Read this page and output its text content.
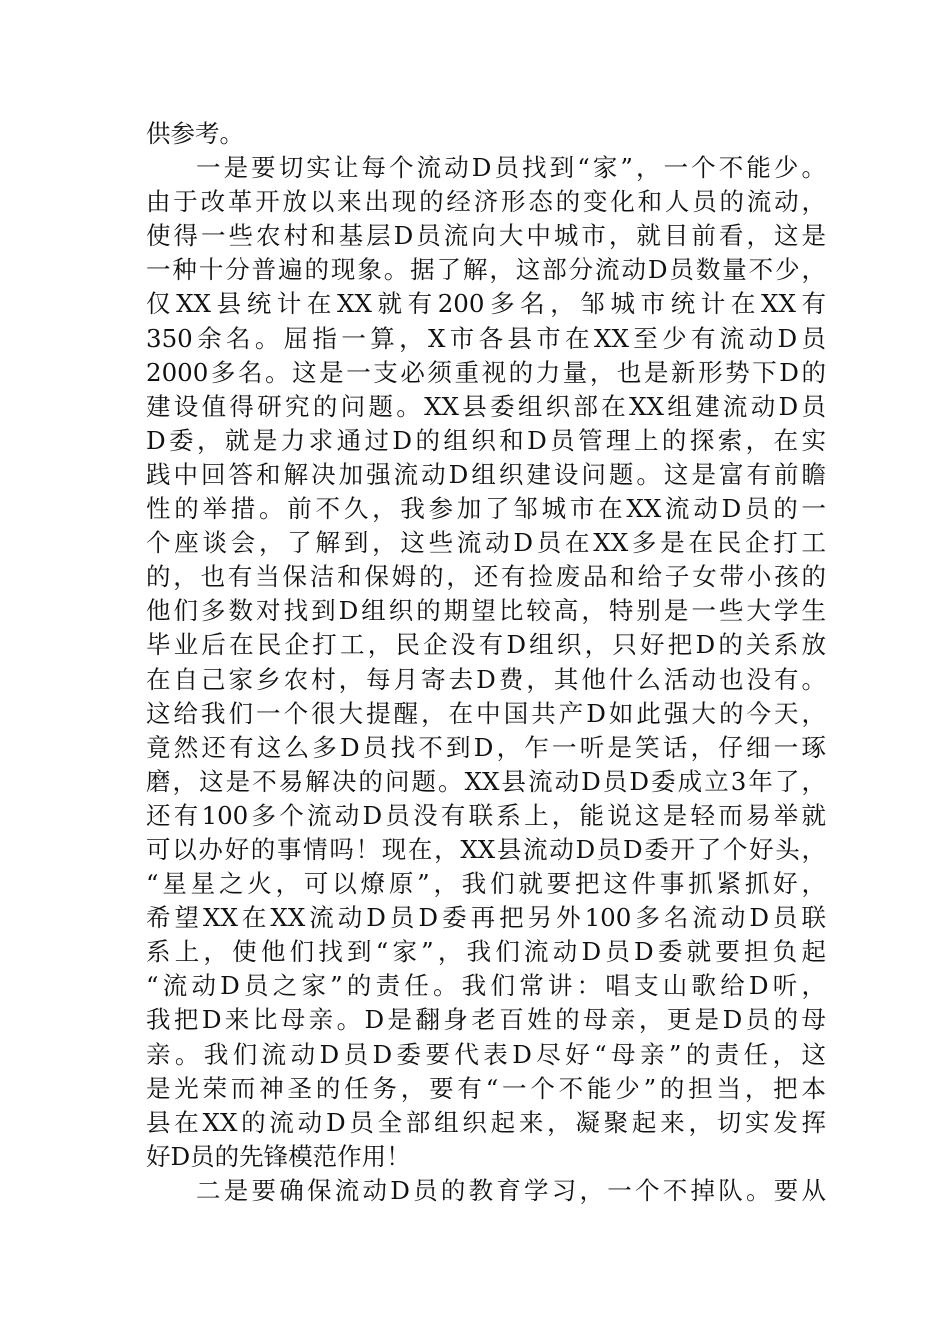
供参考。
一是要切实让每个流动D员找到“家”，一个不能少。
由于改革开放以来出现的经济形态的变化和人员的流动，
使得一些农村和基层D员流向大中城市，就目前看，这是
一种十分普遍的现象。据了解，这部分流动D员数量不少，
仅XX县统计在XX就有200多名，邹城市统计在XX有
350余名。屈指一算，X市各县市在XX至少有流动D员
2000多名。这是一支必须重视的力量，也是新形势下D的
建设值得研究的问题。XX县委组织部在XX组建流动D员
D委，就是力求通过D的组织和D员管理上的探索，在实
践中回答和解决加强流动D组织建设问题。这是富有前瞻
性的举措。前不久，我参加了邹城市在XX流动D员的一
个座谈会，了解到，这些流动D员在XX多是在民企打工
的，也有当保洁和保姆的，还有捡废品和给子女带小孩的
他们多数对找到D组织的期望比较高，特别是一些大学生
毕业后在民企打工，民企没有D组织，只好把D的关系放
在自己家乡农村，每月寄去D费，其他什么活动也没有。
这给我们一个很大提醒，在中国共产D如此强大的今天，
竟然还有这么多D员找不到D，乍一听是笑话，仔细一琢
磨，这是不易解决的问题。XX县流动D员D委成立3年了，
还有100多个流动D员没有联系上，能说这是轻而易举就
可以办好的事情吗！现在，XX县流动D员D委开了个好头，
“星星之火，可以燎原”，我们就要把这件事抓紧抓好，
希望XX在XX流动D员D委再把另外100多名流动D员联
系上，使他们找到“家”，我们流动D员D委就要担负起
“流动D员之家”的责任。我们常讲：唱支山歌给D听，
我把D来比母亲。D是翻身老百姓的母亲，更是D员的母
亲。我们流动D员D委要代表D尽好“母亲”的责任，这
是光荣而神圣的任务，要有“一个不能少”的担当，把本
县在XX的流动D员全部组织起来，凝聚起来，切实发挥
好D员的先锋模范作用！
二是要确保流动D员的教育学习，一个不掉队。要从
